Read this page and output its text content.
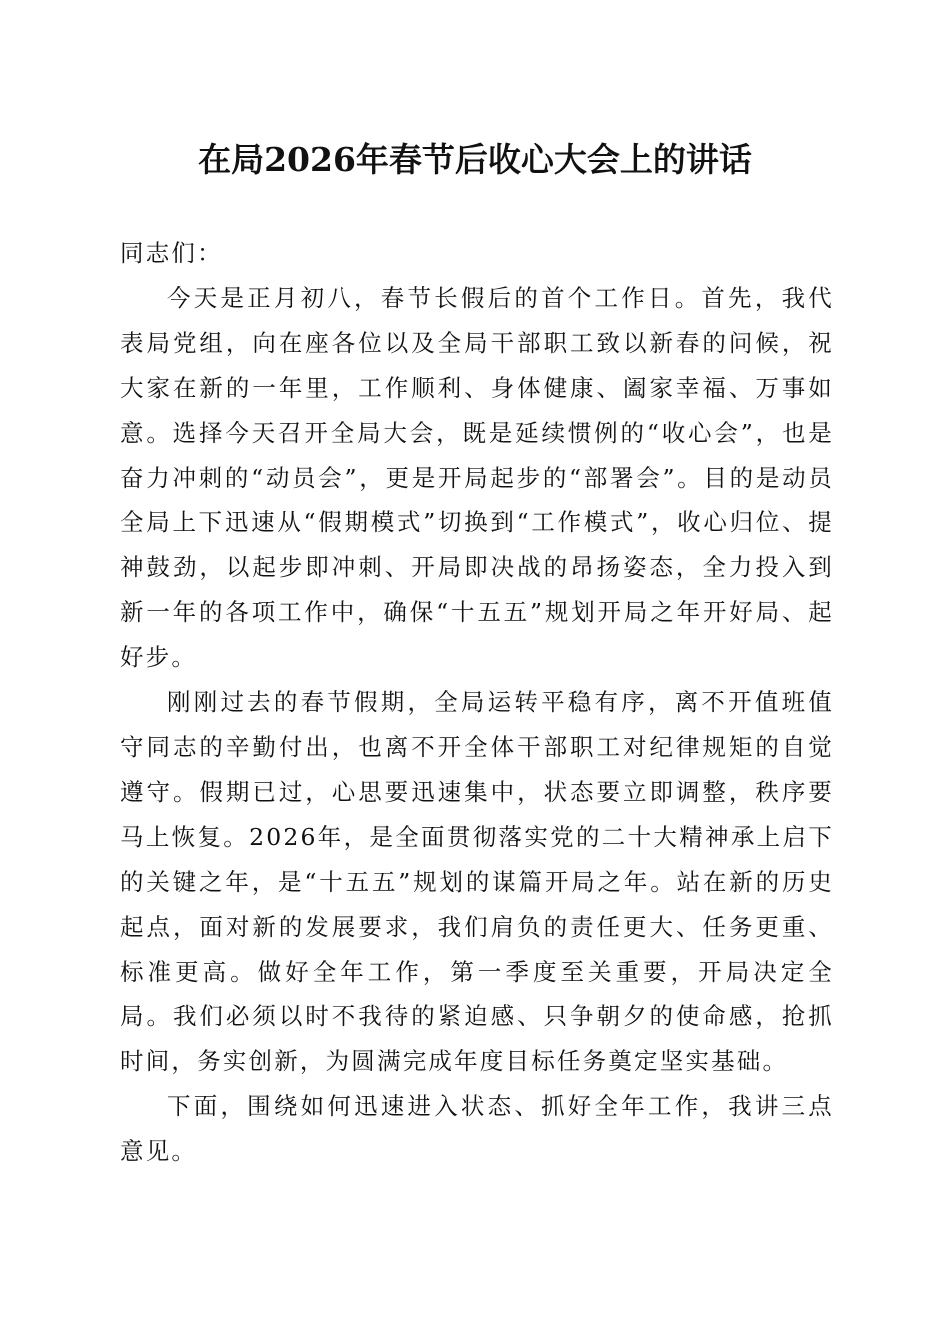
在局2026年春节后收心大会上的讲话

同志们：

今天是正月初八，春节长假后的首个工作日。首先，我代表局党组，向在座各位以及全局干部职工致以新春的问候，祝大家在新的一年里，工作顺利、身体健康、阖家幸福、万事如意。选择今天召开全局大会，既是延续惯例的“收心会”，也是奋力冲刺的“动员会”，更是开局起步的“部署会”。目的是动员全局上下迅速从“假期模式”切换到“工作模式”，收心归位、提神鼓劲，以起步即冲刺、开局即决战的昂扬姿态，全力投入到新一年的各项工作中，确保“十五五”规划开局之年开好局、起好步。

刚刚过去的春节假期，全局运转平稳有序，离不开值班值守同志的辛勤付出，也离不开全体干部职工对纪律规矩的自觉遵守。假期已过，心思要迅速集中，状态要立即调整，秩序要马上恢复。2026年，是全面贯彻落实党的二十大精神承上启下的关键之年，是“十五五”规划的谋篇开局之年。站在新的历史起点，面对新的发展要求，我们肩负的责任更大、任务更重、标准更高。做好全年工作，第一季度至关重要，开局决定全局。我们必须以时不我待的紧迫感、只争朝夕的使命感，抢抓时间，务实创新，为圆满完成年度目标任务奠定坚实基础。

下面，围绕如何迅速进入状态、抓好全年工作，我讲三点意见。
